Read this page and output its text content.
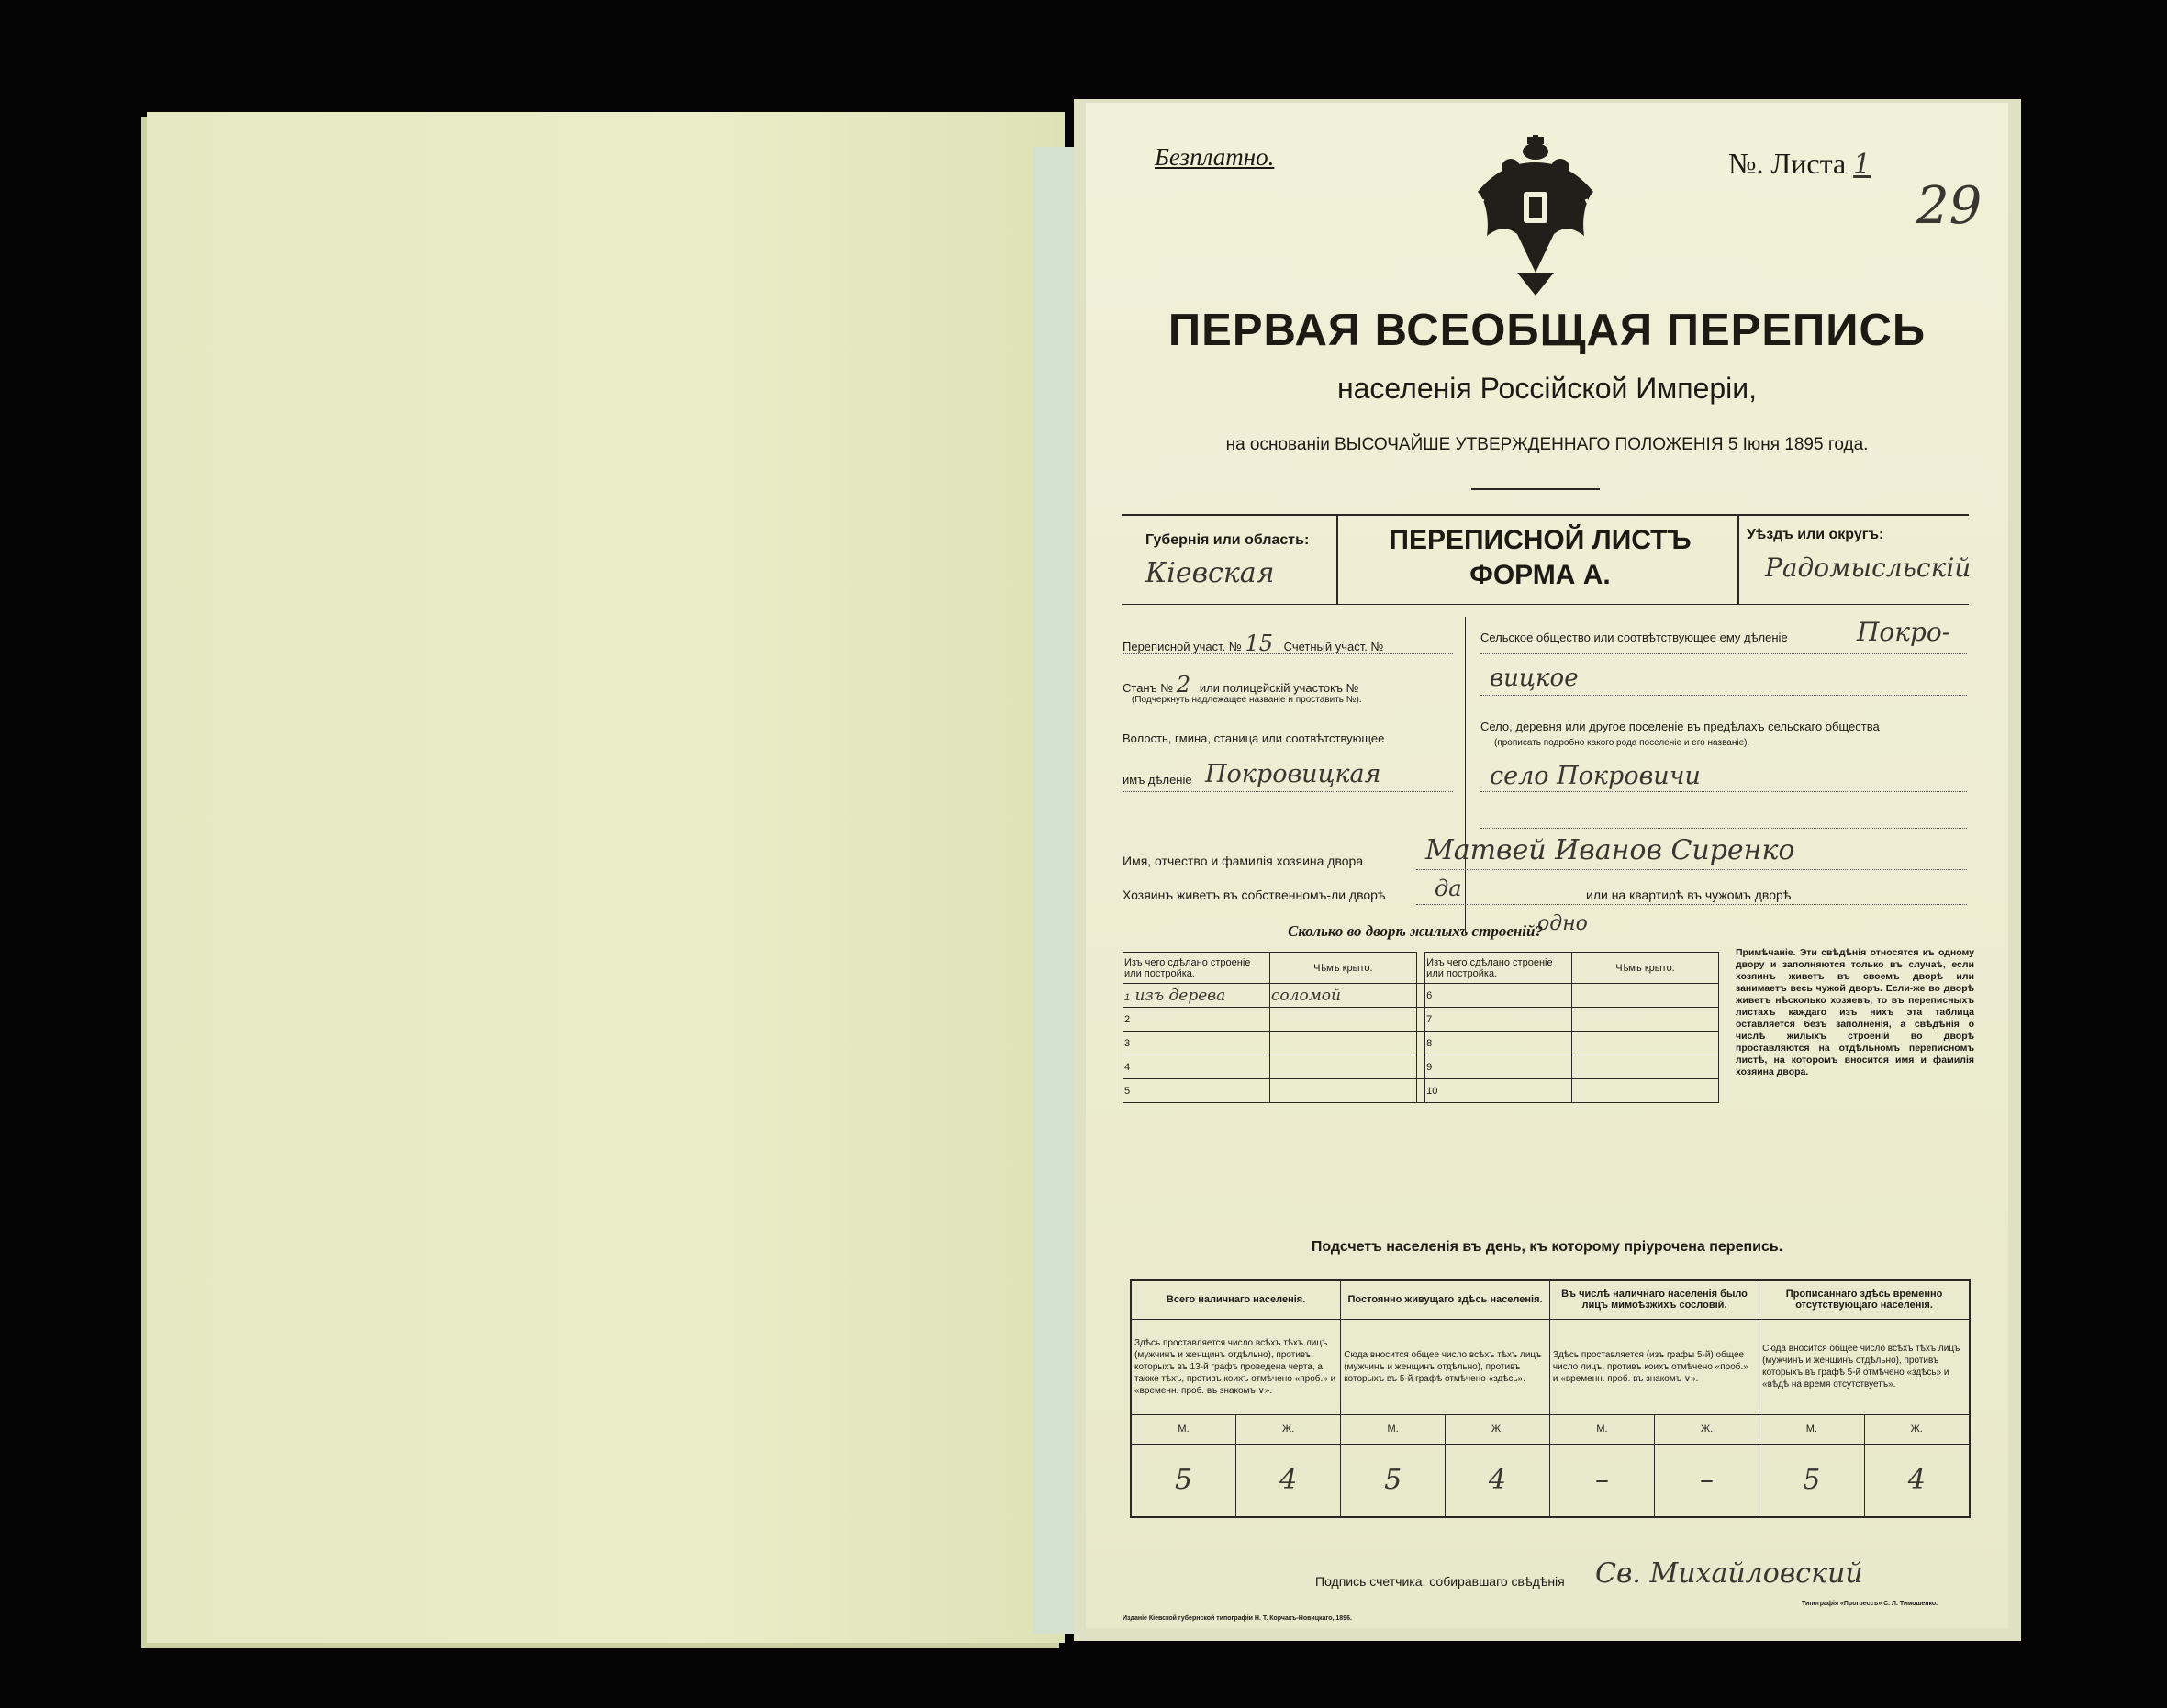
Безплатно.	№. Листа 1
29
ПЕРВАЯ ВСЕОБЩАЯ ПЕРЕПИСЬ
населенія Россійской Имперіи,
на основаніи ВЫСОЧАЙШЕ УТВЕРЖДЕННАГО ПОЛОЖЕНІЯ 5 Іюня 1895 года.
Губернія или область:
Кіевская
ПЕРЕПИСНОЙ ЛИСТЪ
ФОРМА А.
Уѣздъ или округъ:
Радомысльскій
Переписной участ. № 15 Счетный участ. №
Станъ № 2 или полицейскій участокъ №
(Подчеркнуть надлежащее названіе и проставить №).
Волость, гмина, станица или соотвѣтствующее
имъ дѣленіе Покровицкая
Сельское общество или соотвѣтствующее ему дѣленіе	Покро-
вицкое
Село, деревня или другое поселеніе въ предѣлахъ сельскаго общества
(прописать подробно какого рода поселеніе и его названіе).
село Покровичи
Имя, отчество и фамилія хозяина двора Матвей Иванов Сиренко
Хозяинъ живетъ въ собственномъ-ли дворѣ да	или на квартирѣ въ чужомъ дворѣ
Сколько во дворѣ жилыхъ строеній?
одно
Изъ чего сдѣлано строеніе или постройка.	Чѣмъ крыто.		Изъ чего сдѣлано строеніе или постройка.	Чѣмъ крыто.
1 изъ дерева	соломой		6	
2			7	
3			8	
4			9	
5			10	
Примѣчаніе. Эти свѣдѣнія относятся къ одному двору и заполняются только въ случаѣ, если хозяинъ живетъ въ своемъ дворѣ или занимаетъ весь чужой дворъ. Если-же во дворѣ живетъ нѣсколько хозяевъ, то въ переписныхъ листахъ каждаго изъ нихъ эта таблица оставляется безъ заполненія, а свѣдѣнія о числѣ жилыхъ строеній во дворѣ проставляются на отдѣльномъ переписномъ листѣ, на которомъ вносится имя и фамилія хозяина двора.
Подсчетъ населенія въ день, къ которому пріурочена перепись.
Всего наличнаго населенія.		Постоянно живущаго здѣсь населенія.		Въ числѣ наличнаго населенія было лицъ мимоѣзжихъ сословій.		Прописаннаго здѣсь временно отсутствующаго населенія.	
Здѣсь проставляется число всѣхъ тѣхъ лицъ (мужчинъ и женщинъ отдѣльно), противъ которыхъ въ 13-й графѣ проведена черта, а также тѣхъ, противъ коихъ отмѣчено «проб.» и «временн. проб. въ знакомъ ∨».		Сюда вносится общее число всѣхъ тѣхъ лицъ (мужчинъ и женщинъ отдѣльно), противъ которыхъ въ 5-й графѣ отмѣчено «здѣсь».		Здѣсь проставляется (изъ графы 5-й) общее число лицъ, противъ коихъ отмѣчено «проб.» и «временн. проб. въ знакомъ ∨».		Сюда вносится общее число всѣхъ тѣхъ лицъ (мужчинъ и женщинъ отдѣльно), противъ которыхъ въ графѣ 5-й отмѣчено «здѣсь» и «вѣдѣ на время отсутствуетъ».	
М.	Ж.	М.	Ж.	М.	Ж.	М.	Ж.
5	4	5	4	–	–	5	4
Подпись счетчика, собиравшаго свѣдѣнія Св. Михайловский
Изданіе Кіевской губернской типографіи Н. Т. Корчакъ-Новицкаго, 1896.
Типографія «Прогрессъ» С. Л. Тимошенко.
